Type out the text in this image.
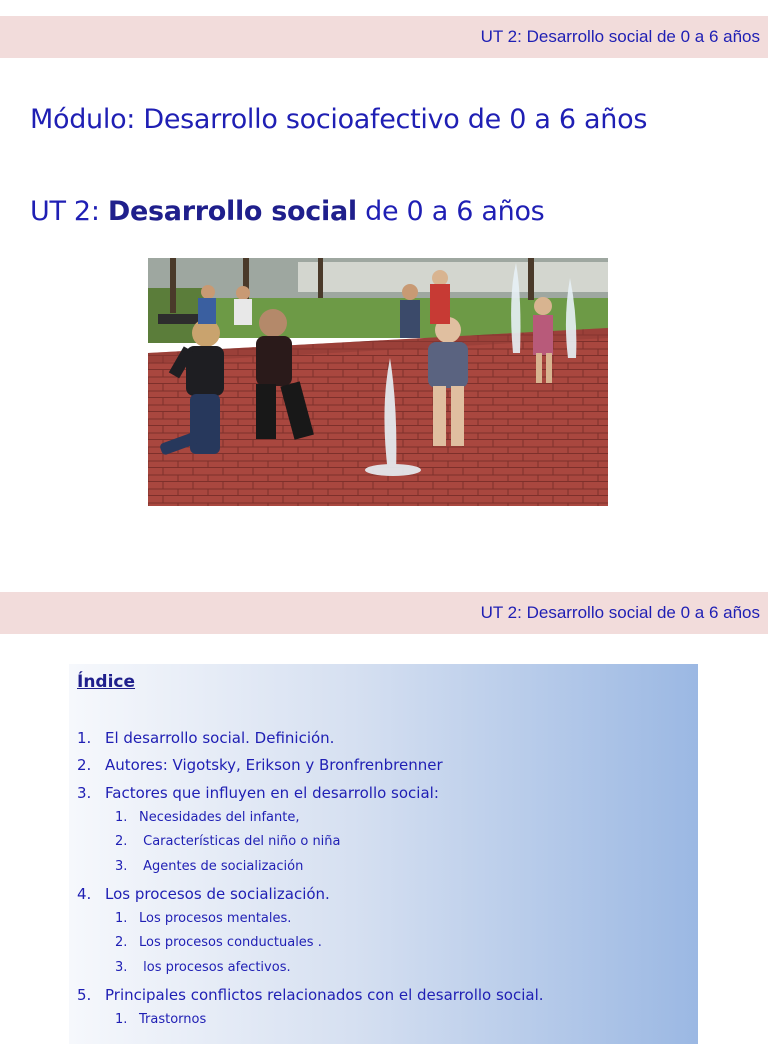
UT 2: Desarrollo social de 0 a 6 años
Módulo: Desarrollo socioafectivo de 0 a 6 años
UT 2: Desarrollo social de 0 a 6 años
UT 2: Desarrollo social de 0 a 6 años
Índice
1. El desarrollo social. Definición.
2. Autores: Vigotsky, Erikson y Bronfrenbrenner
3. Factores que influyen en el desarrollo social:
1. Necesidades del infante,
2. Características del niño o niña
3. Agentes de socialización
4. Los procesos de socialización.
1. Los procesos mentales.
2. Los procesos conductuales .
3. los procesos afectivos.
5. Principales conflictos relacionados con el desarrollo social.
1. Trastornos
